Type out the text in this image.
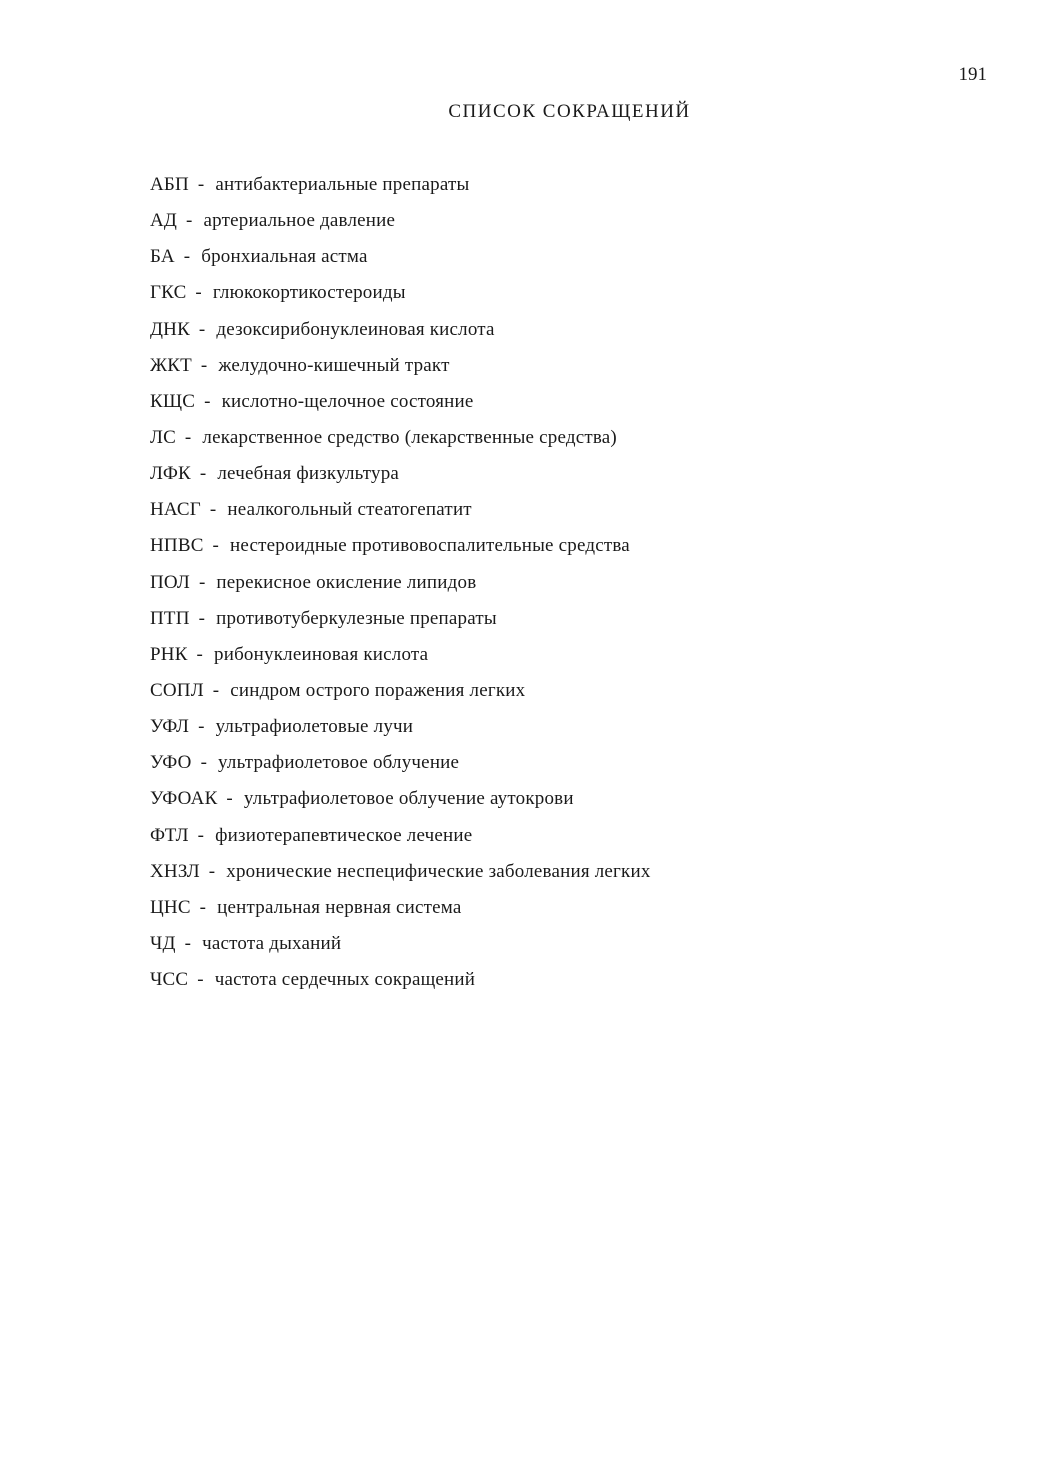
191
СПИСОК СОКРАЩЕНИЙ
АБП - антибактериальные препараты
АД - артериальное давление
БА - бронхиальная астма
ГКС - глюкокортикостероиды
ДНК - дезоксирибонуклеиновая кислота
ЖКТ - желудочно-кишечный тракт
КЩС - кислотно-щелочное состояние
ЛС - лекарственное средство (лекарственные средства)
ЛФК - лечебная физкультура
НАСГ - неалкогольный стеатогепатит
НПВС - нестероидные противовоспалительные средства
ПОЛ - перекисное окисление липидов
ПТП - противотуберкулезные препараты
РНК - рибонуклеиновая кислота
СОПЛ - синдром острого поражения легких
УФЛ - ультрафиолетовые лучи
УФО - ультрафиолетовое облучение
УФОАК - ультрафиолетовое облучение аутокрови
ФТЛ - физиотерапевтическое лечение
ХНЗЛ - хронические неспецифические заболевания легких
ЦНС - центральная нервная система
ЧД - частота дыханий
ЧСС - частота сердечных сокращений
